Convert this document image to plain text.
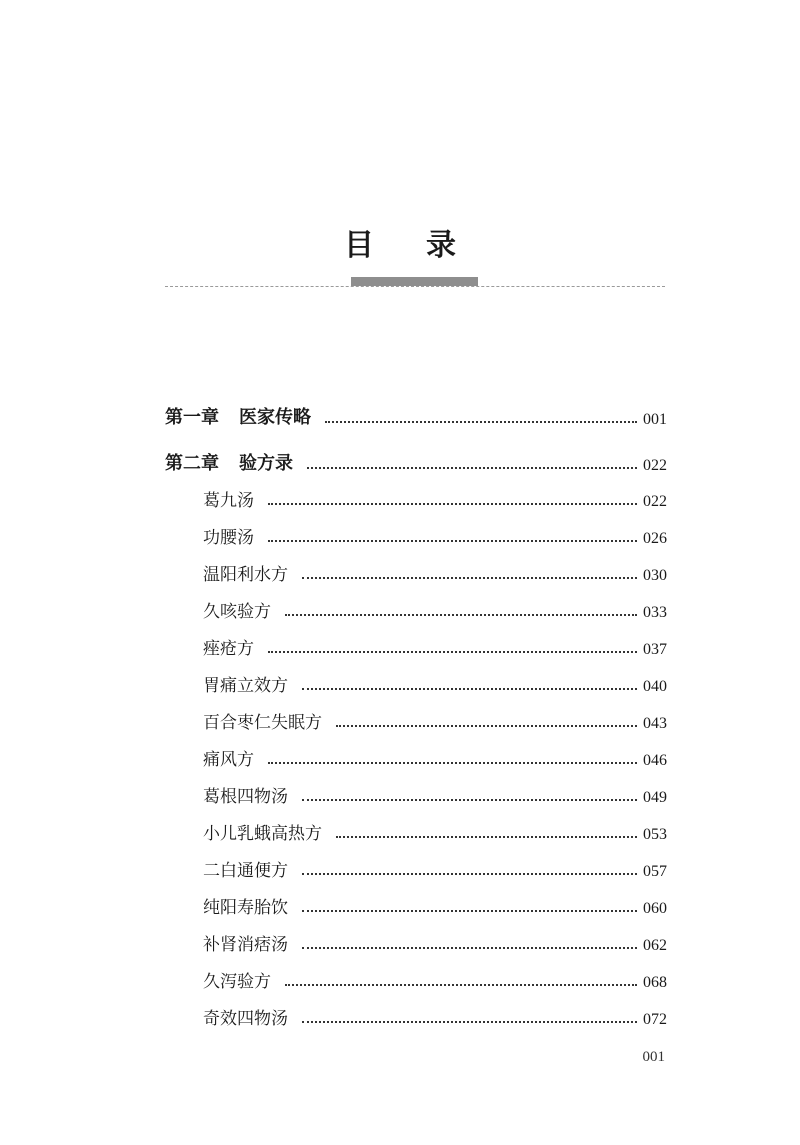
目 录
第一章 医家传略	001
第二章 验方录	022
葛九汤	022
功腰汤	026
温阳利水方	030
久咳验方	033
痤疮方	037
胃痛立效方	040
百合枣仁失眠方	043
痛风方	046
葛根四物汤	049
小儿乳蛾高热方	053
二白通便方	057
纯阳寿胎饮	060
补肾消痞汤	062
久泻验方	068
奇效四物汤	072
001
